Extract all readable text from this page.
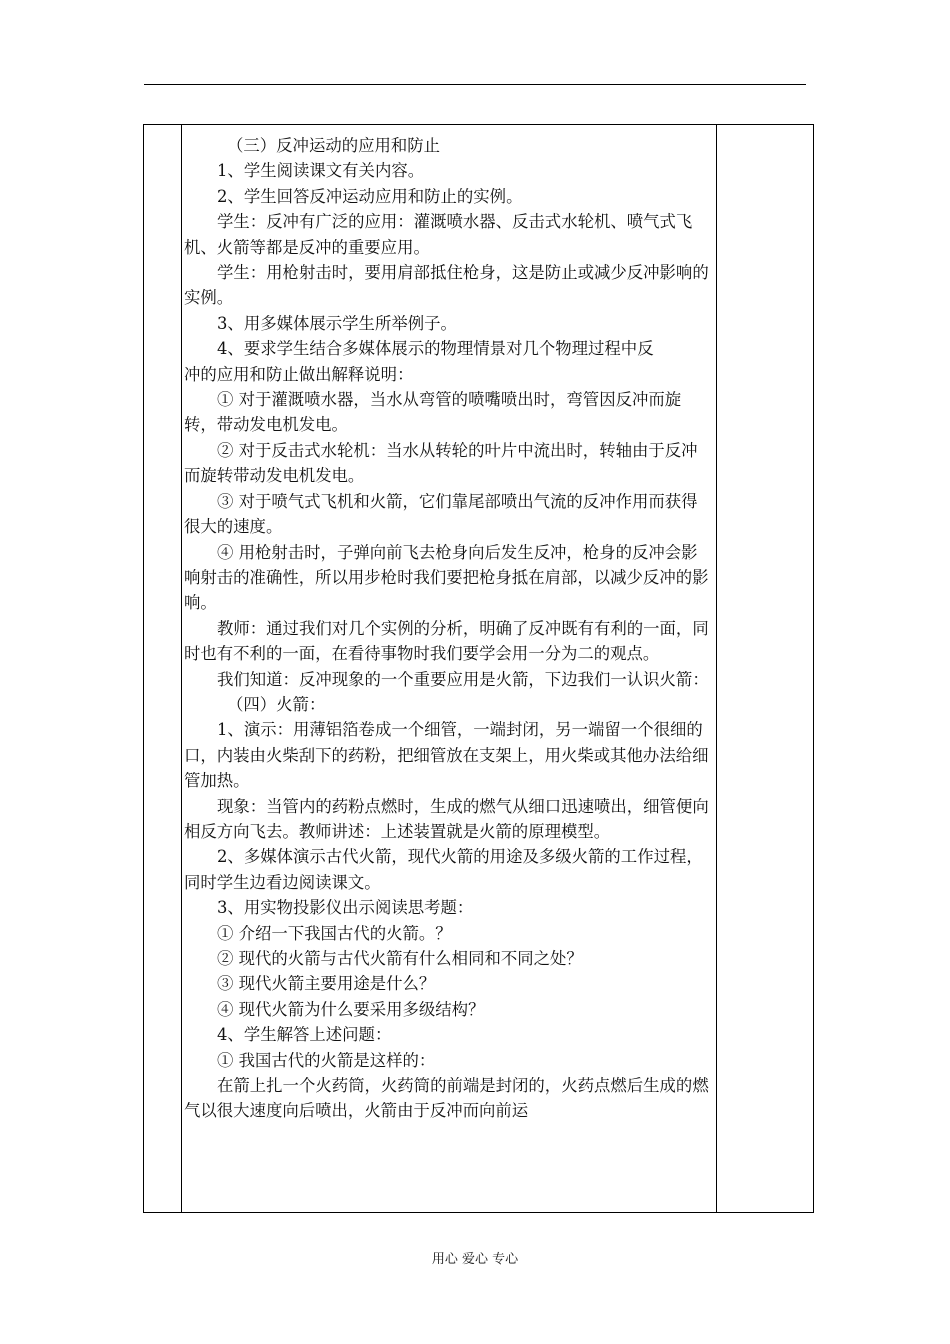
（三）反冲运动的应用和防止

1、学生阅读课文有关内容。

2、学生回答反冲运动应用和防止的实例。

学生：反冲有广泛的应用：灌溉喷水器、反击式水轮机、喷气式飞机、火箭等都是反冲的重要应用。

学生：用枪射击时，要用肩部抵住枪身，这是防止或减少反冲影响的实例。

3、用多媒体展示学生所举例子。

4、要求学生结合多媒体展示的物理情景对几个物理过程中反

冲的应用和防止做出解释说明：

① 对于灌溉喷水器，当水从弯管的喷嘴喷出时，弯管因反冲而旋转，带动发电机发电。

② 对于反击式水轮机：当水从转轮的叶片中流出时，转轴由于反冲而旋转带动发电机发电。

③ 对于喷气式飞机和火箭，它们靠尾部喷出气流的反冲作用而获得很大的速度。

④ 用枪射击时，子弹向前飞去枪身向后发生反冲，枪身的反冲会影响射击的准确性，所以用步枪时我们要把枪身抵在肩部，以减少反冲的影响。

教师：通过我们对几个实例的分析，明确了反冲既有有利的一面，同时也有不利的一面，在看待事物时我们要学会用一分为二的观点。

我们知道：反冲现象的一个重要应用是火箭，下边我们一认识火箭：

（四）火箭：

1、演示：用薄铝箔卷成一个细管，一端封闭，另一端留一个很细的口，内装由火柴刮下的药粉，把细管放在支架上，用火柴或其他办法给细管加热。

现象：当管内的药粉点燃时，生成的燃气从细口迅速喷出，细管便向相反方向飞去。教师讲述：上述装置就是火箭的原理模型。

2、多媒体演示古代火箭，现代火箭的用途及多级火箭的工作过程，同时学生边看边阅读课文。

3、用实物投影仪出示阅读思考题：

① 介绍一下我国古代的火箭。？

② 现代的火箭与古代火箭有什么相同和不同之处？

③ 现代火箭主要用途是什么？

④ 现代火箭为什么要采用多级结构？

4、学生解答上述问题：

① 我国古代的火箭是这样的：

在箭上扎一个火药筒，火药筒的前端是封闭的，火药点燃后生成的燃气以很大速度向后喷出，火箭由于反冲而向前运

用心 爱心 专心
